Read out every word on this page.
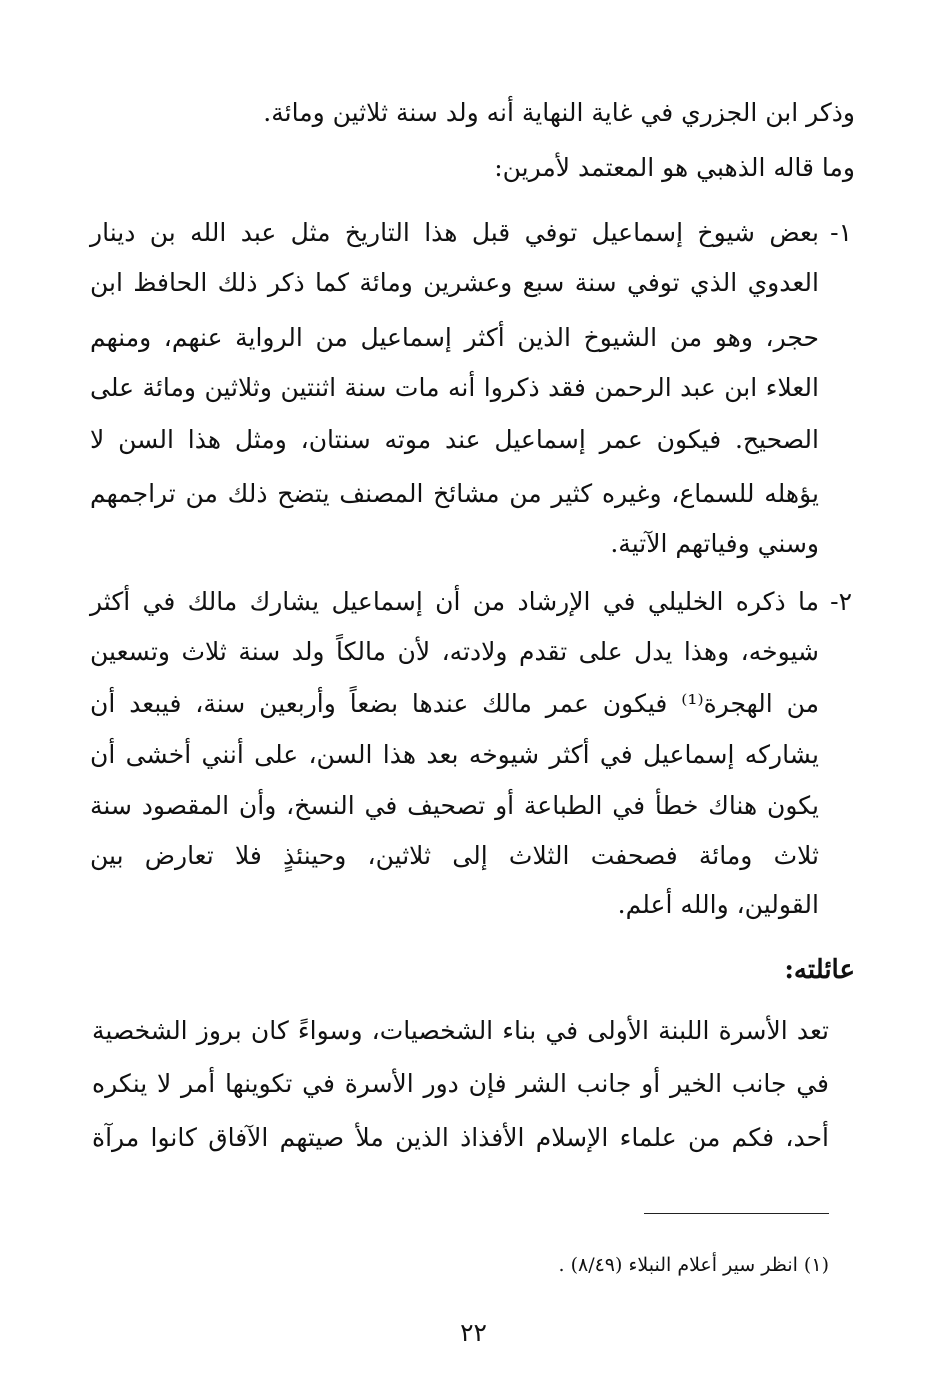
وذكر ابن الجزري في غاية النهاية أنه ولد سنة ثلاثين ومائة.
وما قاله الذهبي هو المعتمد لأمرين:
١-
بعض شيوخ إسماعيل توفي قبل هذا التاريخ مثل عبد الله بن دينار
العدوي الذي توفي سنة سبع وعشرين ومائة كما ذكر ذلك الحافظ ابن
حجر، وهو من الشيوخ الذين أكثر إسماعيل من الرواية عنهم، ومنهم
العلاء ابن عبد الرحمن فقد ذكروا أنه مات سنة اثنتين وثلاثين ومائة على
الصحيح. فيكون عمر إسماعيل عند موته سنتان، ومثل هذا السن لا
يؤهله للسماع، وغيره كثير من مشائخ المصنف يتضح ذلك من تراجمهم
وسني وفياتهم الآتية.
٢-
ما ذكره الخليلي في الإرشاد من أن إسماعيل يشارك مالك في أكثر
شيوخه، وهذا يدل على تقدم ولادته، لأن مالكاً ولد سنة ثلاث وتسعين
من الهجرة⁽¹⁾ فيكون عمر مالك عندها بضعاً وأربعين سنة، فيبعد أن
يشاركه إسماعيل في أكثر شيوخه بعد هذا السن، على أنني أخشى أن
يكون هناك خطأ في الطباعة أو تصحيف في النسخ، وأن المقصود سنة
ثلاث ومائة فصحفت الثلاث إلى ثلاثين، وحينئذٍ فلا تعارض بين
القولين، والله أعلم.
عائلته:
تعد الأسرة اللبنة الأولى في بناء الشخصيات، وسواءً كان بروز الشخصية
في جانب الخير أو جانب الشر فإن دور الأسرة في تكوينها أمر لا ينكره
أحد، فكم من علماء الإسلام الأفذاذ الذين ملأ صيتهم الآفاق كانوا مرآة
(١) انظر سير أعلام النبلاء (٨/٤٩) .
٢٢
